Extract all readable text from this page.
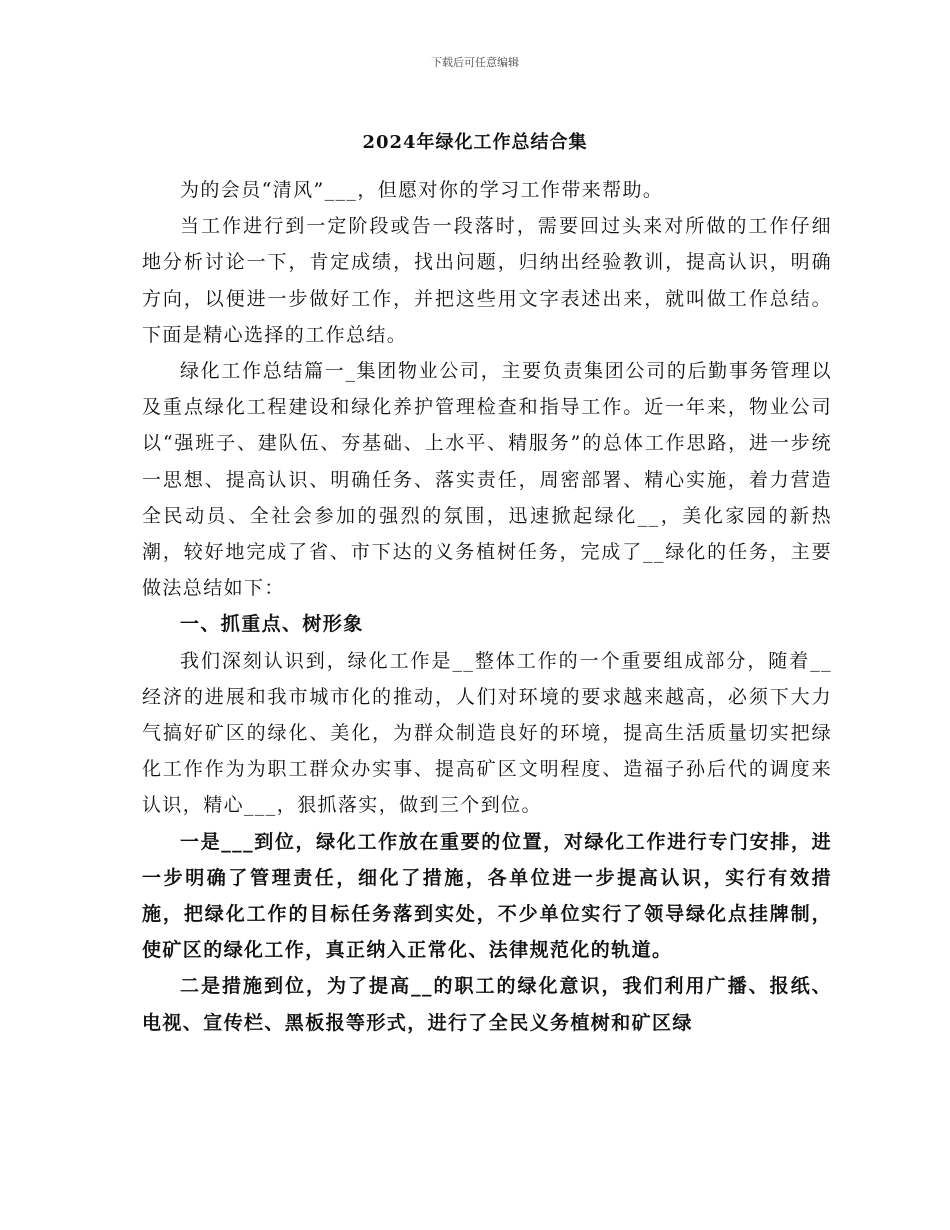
下载后可任意编辑
2024年绿化工作总结合集

为的会员“清风”___，但愿对你的学习工作带来帮助。

当工作进行到一定阶段或告一段落时，需要回过头来对所做的工作仔细地分析讨论一下，肯定成绩，找出问题，归纳出经验教训，提高认识，明确方向，以便进一步做好工作，并把这些用文字表述出来，就叫做工作总结。下面是精心选择的工作总结。

绿化工作总结篇一_集团物业公司，主要负责集团公司的后勤事务管理以及重点绿化工程建设和绿化养护管理检查和指导工作。近一年来，物业公司以“强班子、建队伍、夯基础、上水平、精服务”的总体工作思路，进一步统一思想、提高认识、明确任务、落实责任，周密部署、精心实施，着力营造全民动员、全社会参加的强烈的氛围，迅速掀起绿化__，美化家园的新热潮，较好地完成了省、市下达的义务植树任务，完成了__绿化的任务，主要做法总结如下：

一、抓重点、树形象

我们深刻认识到，绿化工作是__整体工作的一个重要组成部分，随着__经济的进展和我市城市化的推动，人们对环境的要求越来越高，必须下大力气搞好矿区的绿化、美化，为群众制造良好的环境，提高生活质量切实把绿化工作作为为职工群众办实事、提高矿区文明程度、造福子孙后代的调度来认识，精心___，狠抓落实，做到三个到位。

一是___到位，绿化工作放在重要的位置，对绿化工作进行专门安排，进一步明确了管理责任，细化了措施，各单位进一步提高认识，实行有效措施，把绿化工作的目标任务落到实处，不少单位实行了领导绿化点挂牌制，使矿区的绿化工作，真正纳入正常化、法律规范化的轨道。

二是措施到位，为了提高__的职工的绿化意识，我们利用广播、报纸、电视、宣传栏、黑板报等形式，进行了全民义务植树和矿区绿
